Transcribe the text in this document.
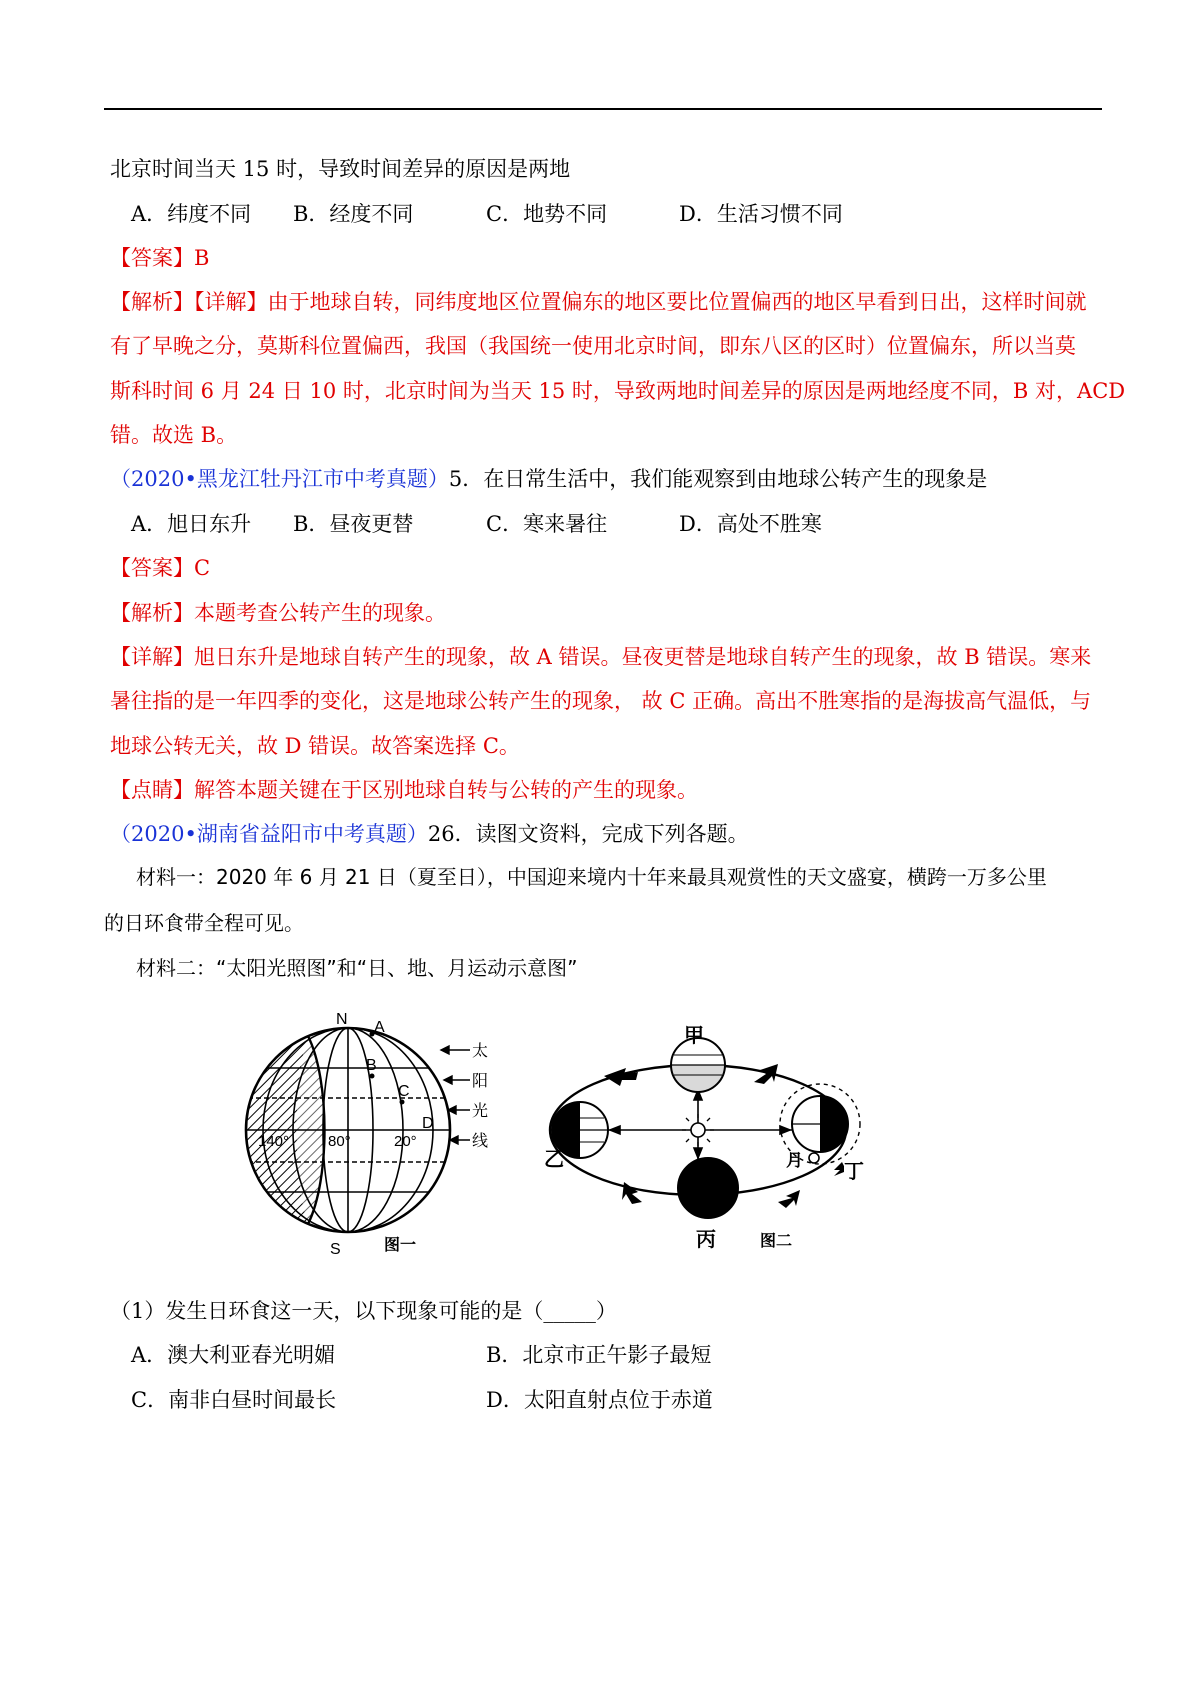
北京时间当天 15 时，导致时间差异的原因是两地
A．纬度不同 B．经度不同	C．地势不同	D．生活习惯不同
【答案】B
【解析】【详解】由于地球自转，同纬度地区位置偏东的地区要比位置偏西的地区早看到日出，这样时间就
有了早晚之分，莫斯科位置偏西，我国（我国统一使用北京时间，即东八区的区时）位置偏东，所以当莫
斯科时间 6 月 24 日 10 时，北京时间为当天 15 时，导致两地时间差异的原因是两地经度不同，B 对，ACD
错。故选 B。
（2020•黑龙江牡丹江市中考真题）5．在日常生活中，我们能观察到由地球公转产生的现象是
A．旭日东升 B．昼夜更替	C．寒来暑往	D．高处不胜寒
【答案】C
【解析】本题考查公转产生的现象。
【详解】旭日东升是地球自转产生的现象，故 A 错误。昼夜更替是地球自转产生的现象，故 B 错误。寒来
暑往指的是一年四季的变化，这是地球公转产生的现象， 故 C 正确。高出不胜寒指的是海拔高气温低，与
地球公转无关，故 D 错误。故答案选择 C。
【点睛】解答本题关键在于区别地球自转与公转的产生的现象。
（2020•湖南省益阳市中考真题）26．读图文资料，完成下列各题。
材料一：2020 年 6 月 21 日（夏至日），中国迎来境内十年来最具观赏性的天文盛宴，横跨一万多公里
的日环食带全程可见。
材料二：“太阳光照图”和“日、地、月运动示意图”
N
S
A
B
C
D
140°	80°	20°
太
阳
光
线
图一
甲
乙
丙
丁
月
图二
（1）发生日环食这一天，以下现象可能的是（_____）
A．澳大利亚春光明媚	B．北京市正午影子最短
C．南非白昼时间最长	D．太阳直射点位于赤道
